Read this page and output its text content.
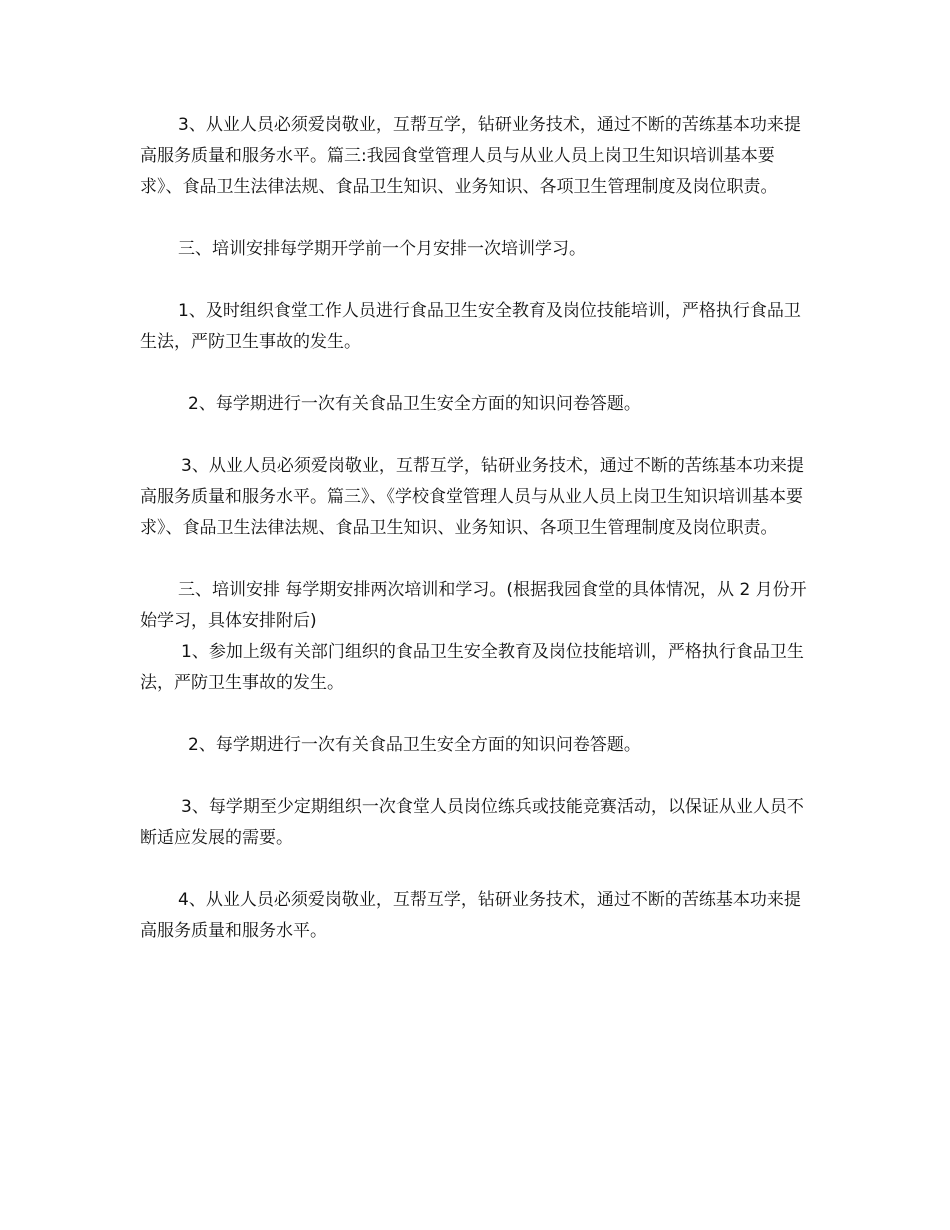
3、从业人员必须爱岗敬业，互帮互学，钻研业务技术，通过不断的苦练基本功来提高服务质量和服务水平。篇三:我园食堂管理人员与从业人员上岗卫生知识培训基本要求》、食品卫生法律法规、食品卫生知识、业务知识、各项卫生管理制度及岗位职责。

三、培训安排每学期开学前一个月安排一次培训学习。

1、及时组织食堂工作人员进行食品卫生安全教育及岗位技能培训，严格执行食品卫生法，严防卫生事故的发生。

2、每学期进行一次有关食品卫生安全方面的知识问卷答题。

3、从业人员必须爱岗敬业，互帮互学，钻研业务技术，通过不断的苦练基本功来提高服务质量和服务水平。篇三》、《学校食堂管理人员与从业人员上岗卫生知识培训基本要求》、食品卫生法律法规、食品卫生知识、业务知识、各项卫生管理制度及岗位职责。

三、培训安排 每学期安排两次培训和学习。(根据我园食堂的具体情况，从 2 月份开始学习，具体安排附后)

1、参加上级有关部门组织的食品卫生安全教育及岗位技能培训，严格执行食品卫生法，严防卫生事故的发生。

2、每学期进行一次有关食品卫生安全方面的知识问卷答题。

3、每学期至少定期组织一次食堂人员岗位练兵或技能竞赛活动，以保证从业人员不断适应发展的需要。

4、从业人员必须爱岗敬业，互帮互学，钻研业务技术，通过不断的苦练基本功来提高服务质量和服务水平。
